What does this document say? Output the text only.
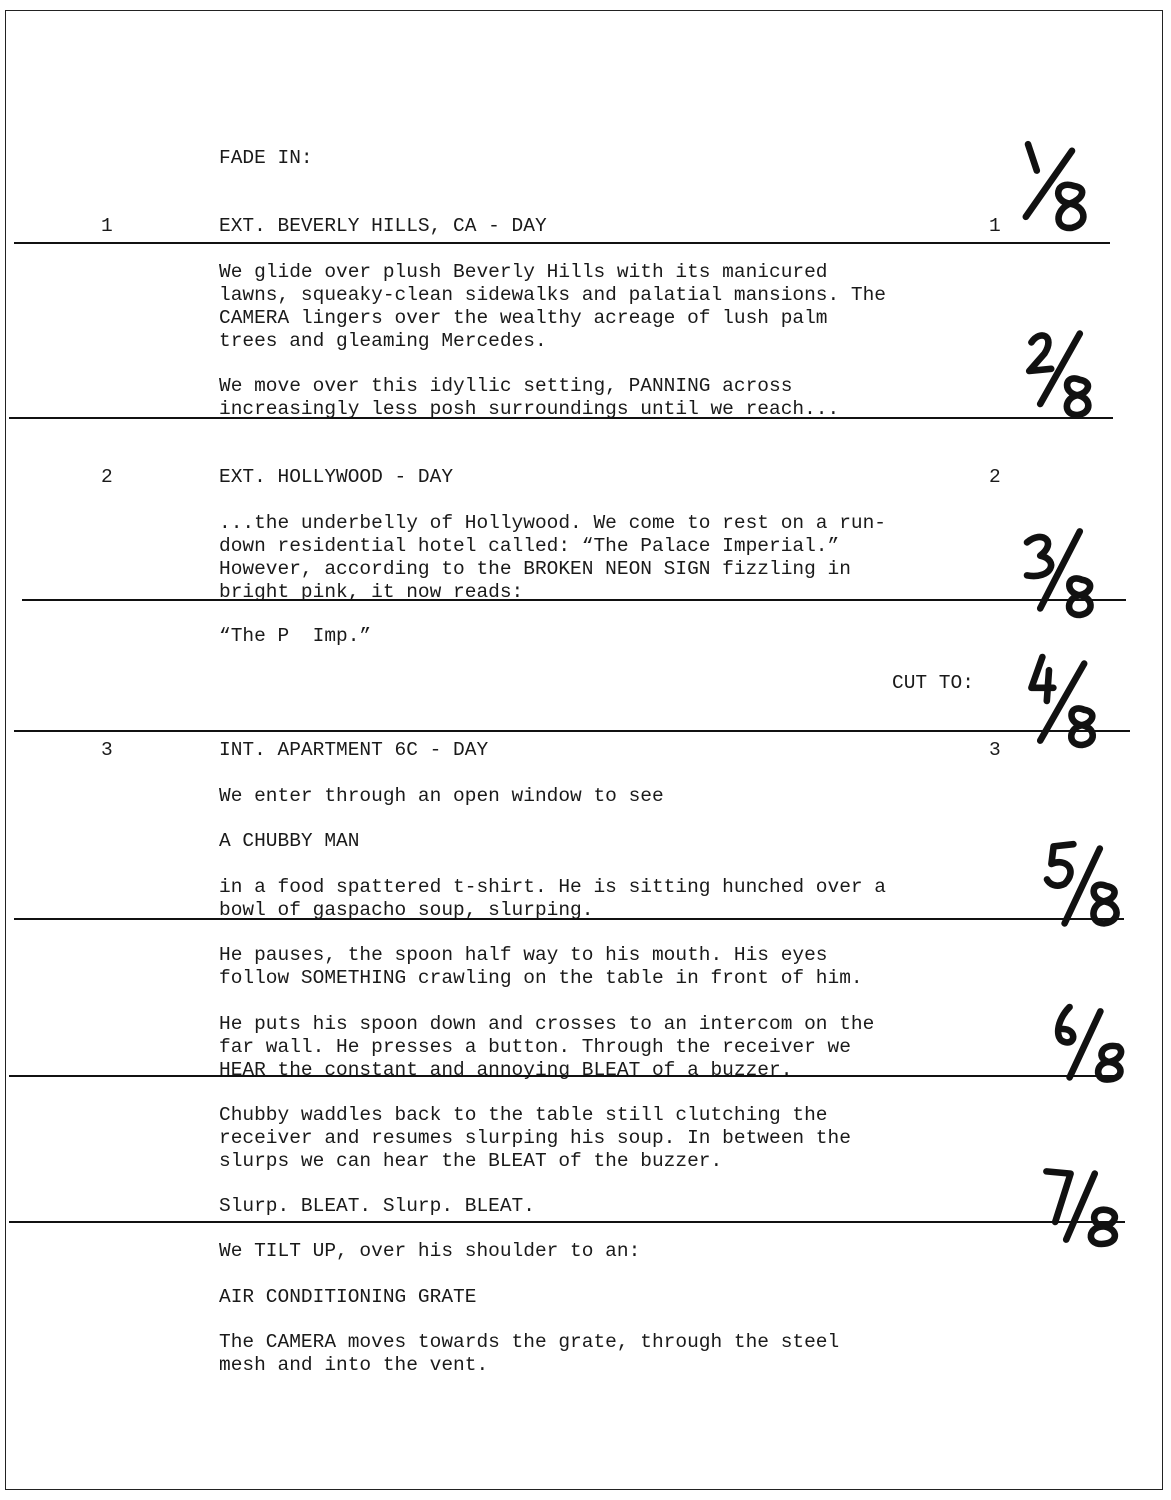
FADE IN:
1	EXT. BEVERLY HILLS, CA - DAY	1
We glide over plush Beverly Hills with its manicured
lawns, squeaky-clean sidewalks and palatial mansions. The
CAMERA lingers over the wealthy acreage of lush palm
trees and gleaming Mercedes.
We move over this idyllic setting, PANNING across
increasingly less posh surroundings until we reach...
2	EXT. HOLLYWOOD - DAY	2
...the underbelly of Hollywood. We come to rest on a run-
down residential hotel called: “The Palace Imperial.”
However, according to the BROKEN NEON SIGN fizzling in
bright pink, it now reads:
“The P  Imp.”
CUT TO:
3	INT. APARTMENT 6C - DAY	3
We enter through an open window to see
A CHUBBY MAN
in a food spattered t-shirt. He is sitting hunched over a
bowl of gaspacho soup, slurping.
He pauses, the spoon half way to his mouth. His eyes
follow SOMETHING crawling on the table in front of him.
He puts his spoon down and crosses to an intercom on the
far wall. He presses a button. Through the receiver we
HEAR the constant and annoying BLEAT of a buzzer.
Chubby waddles back to the table still clutching the
receiver and resumes slurping his soup. In between the
slurps we can hear the BLEAT of the buzzer.
Slurp. BLEAT. Slurp. BLEAT.
We TILT UP, over his shoulder to an:
AIR CONDITIONING GRATE
The CAMERA moves towards the grate, through the steel
mesh and into the vent.
